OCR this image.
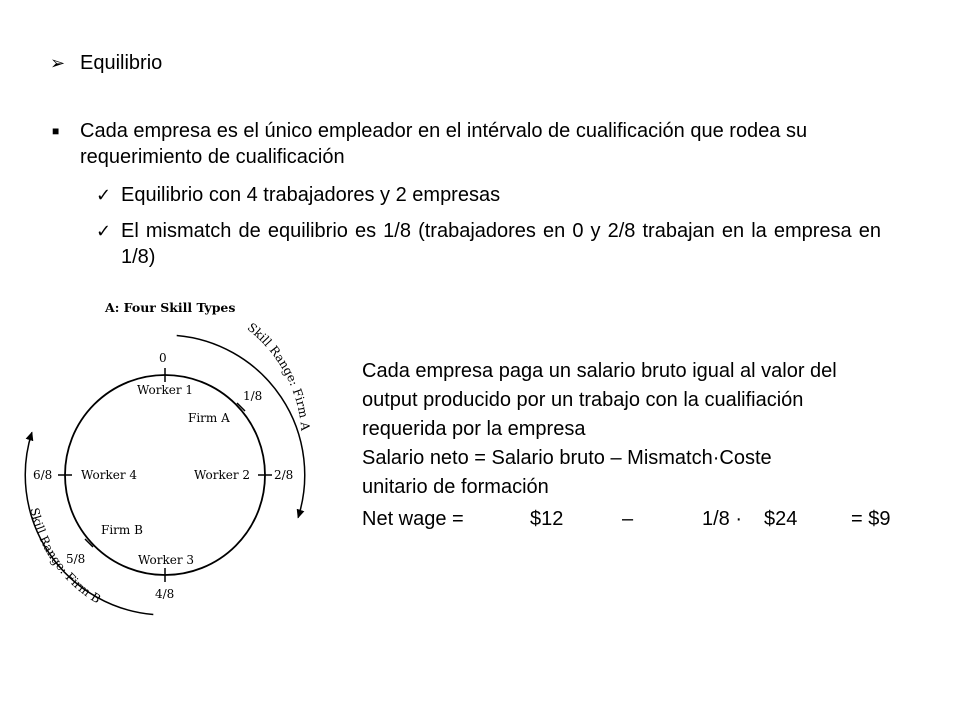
➢ Equilibrio

■ Cada empresa es el único empleador en el intérvalo de cualificación que rodea su requerimiento de cualificación

✓ Equilibrio con 4 trabajadores y 2 empresas

✓ El mismatch de equilibrio es 1/8 (trabajadores en 0 y 2/8 trabajan en la empresa en 1/8)

Cada empresa paga un salario bruto igual al valor del
output producido por un trabajo con la cualifiación
requerida por la empresa
Salario neto = Salario bruto – Mismatch·Coste
unitario de formación
Net wage =	$12	–	1/8 · $24	= $9
A: Four Skill Types
0
1/8
2/8
4/8
5/8
6/8
Worker 1
Worker 2
Worker 3
Worker 4
Firm A
Firm B
Skill Range: Firm A
Skill Range: Firm B
